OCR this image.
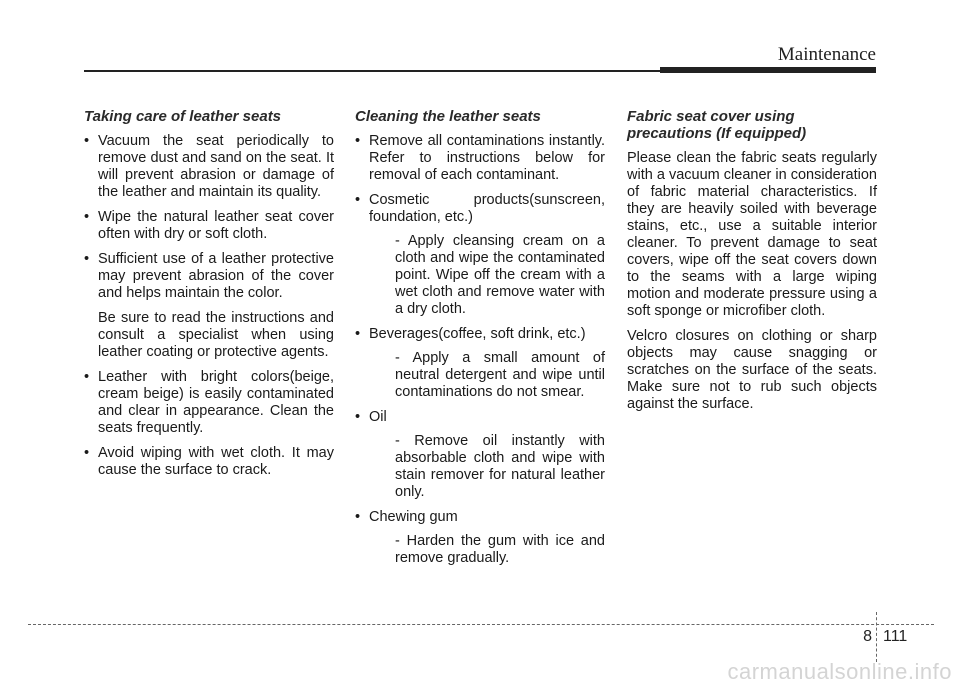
Maintenance
Taking care of leather seats
• Vacuum the seat periodically to remove dust and sand on the seat. It will prevent abrasion or damage of the leather and maintain its quality.
• Wipe the natural leather seat cover often with dry or soft cloth.
• Sufficient use of a leather protective may prevent abrasion of the cover and helps maintain the color.
Be sure to read the instructions and consult a specialist when using leather coating or protective agents.
• Leather with bright colors(beige, cream beige) is easily contaminated and clear in appearance. Clean the seats frequently.
• Avoid wiping with wet cloth. It may cause the surface to crack.
Cleaning the leather seats
• Remove all contaminations instantly. Refer to instructions below for removal of each contaminant.
• Cosmetic products(sunscreen, foundation, etc.)
- Apply cleansing cream on a cloth and wipe the contaminated point. Wipe off the cream with a wet cloth and remove water with a dry cloth.
• Beverages(coffee, soft drink, etc.)
- Apply a small amount of neutral detergent and wipe until contaminations do not smear.
• Oil
- Remove oil instantly with absorbable cloth and wipe with stain remover for natural leather only.
• Chewing gum
- Harden the gum with ice and remove gradually.
Fabric seat cover using precautions (If equipped)

Please clean the fabric seats regularly with a vacuum cleaner in consideration of fabric material characteristics. If they are heavily soiled with beverage stains, etc., use a suitable interior cleaner. To prevent damage to seat covers, wipe off the seat covers down to the seams with a large wiping motion and moderate pressure using a soft sponge or microfiber cloth.

Velcro closures on clothing or sharp objects may cause snagging or scratches on the surface of the seats. Make sure not to rub such objects against the surface.

8 111
carmanualsonline.info
